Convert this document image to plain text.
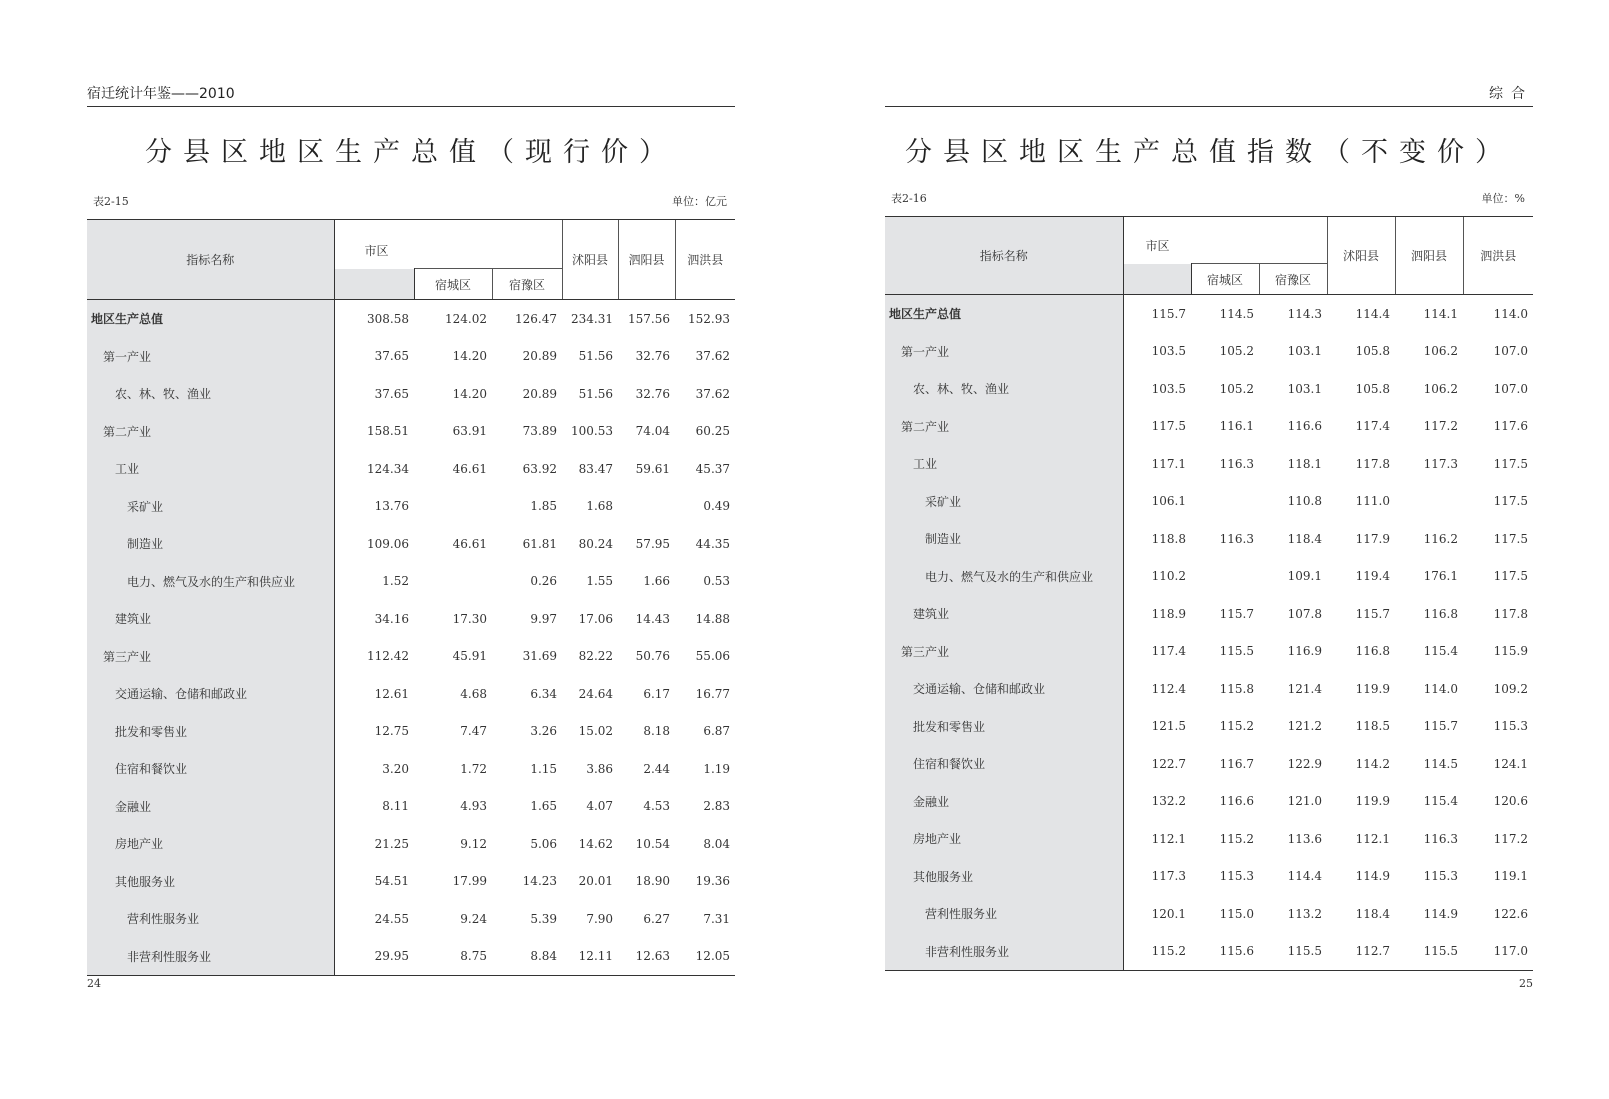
宿迁统计年鉴——2010
分县区地区生产总值（现行价）
表2-15	单位：亿元
指标名称	市区			沭阳县	泗阳县	泗洪县
		宿城区	宿豫区			
地区生产总值	308.58	124.02	126.47	234.31	157.56	152.93
第一产业	37.65	14.20	20.89	51.56	32.76	37.62
农、林、牧、渔业	37.65	14.20	20.89	51.56	32.76	37.62
第二产业	158.51	63.91	73.89	100.53	74.04	60.25
工业	124.34	46.61	63.92	83.47	59.61	45.37
采矿业	13.76		1.85	1.68		0.49
制造业	109.06	46.61	61.81	80.24	57.95	44.35
电力、燃气及水的生产和供应业	1.52		0.26	1.55	1.66	0.53
建筑业	34.16	17.30	9.97	17.06	14.43	14.88
第三产业	112.42	45.91	31.69	82.22	50.76	55.06
交通运输、仓储和邮政业	12.61	4.68	6.34	24.64	6.17	16.77
批发和零售业	12.75	7.47	3.26	15.02	8.18	6.87
住宿和餐饮业	3.20	1.72	1.15	3.86	2.44	1.19
金融业	8.11	4.93	1.65	4.07	4.53	2.83
房地产业	21.25	9.12	5.06	14.62	10.54	8.04
其他服务业	54.51	17.99	14.23	20.01	18.90	19.36
营利性服务业	24.55	9.24	5.39	7.90	6.27	7.31
非营利性服务业	29.95	8.75	8.84	12.11	12.63	12.05
24
综合
分县区地区生产总值指数（不变价）
表2-16	单位：%
指标名称	市区			沭阳县	泗阳县	泗洪县
		宿城区	宿豫区			
地区生产总值	115.7	114.5	114.3	114.4	114.1	114.0
第一产业	103.5	105.2	103.1	105.8	106.2	107.0
农、林、牧、渔业	103.5	105.2	103.1	105.8	106.2	107.0
第二产业	117.5	116.1	116.6	117.4	117.2	117.6
工业	117.1	116.3	118.1	117.8	117.3	117.5
采矿业	106.1		110.8	111.0		117.5
制造业	118.8	116.3	118.4	117.9	116.2	117.5
电力、燃气及水的生产和供应业	110.2		109.1	119.4	176.1	117.5
建筑业	118.9	115.7	107.8	115.7	116.8	117.8
第三产业	117.4	115.5	116.9	116.8	115.4	115.9
交通运输、仓储和邮政业	112.4	115.8	121.4	119.9	114.0	109.2
批发和零售业	121.5	115.2	121.2	118.5	115.7	115.3
住宿和餐饮业	122.7	116.7	122.9	114.2	114.5	124.1
金融业	132.2	116.6	121.0	119.9	115.4	120.6
房地产业	112.1	115.2	113.6	112.1	116.3	117.2
其他服务业	117.3	115.3	114.4	114.9	115.3	119.1
营利性服务业	120.1	115.0	113.2	118.4	114.9	122.6
非营利性服务业	115.2	115.6	115.5	112.7	115.5	117.0
25
